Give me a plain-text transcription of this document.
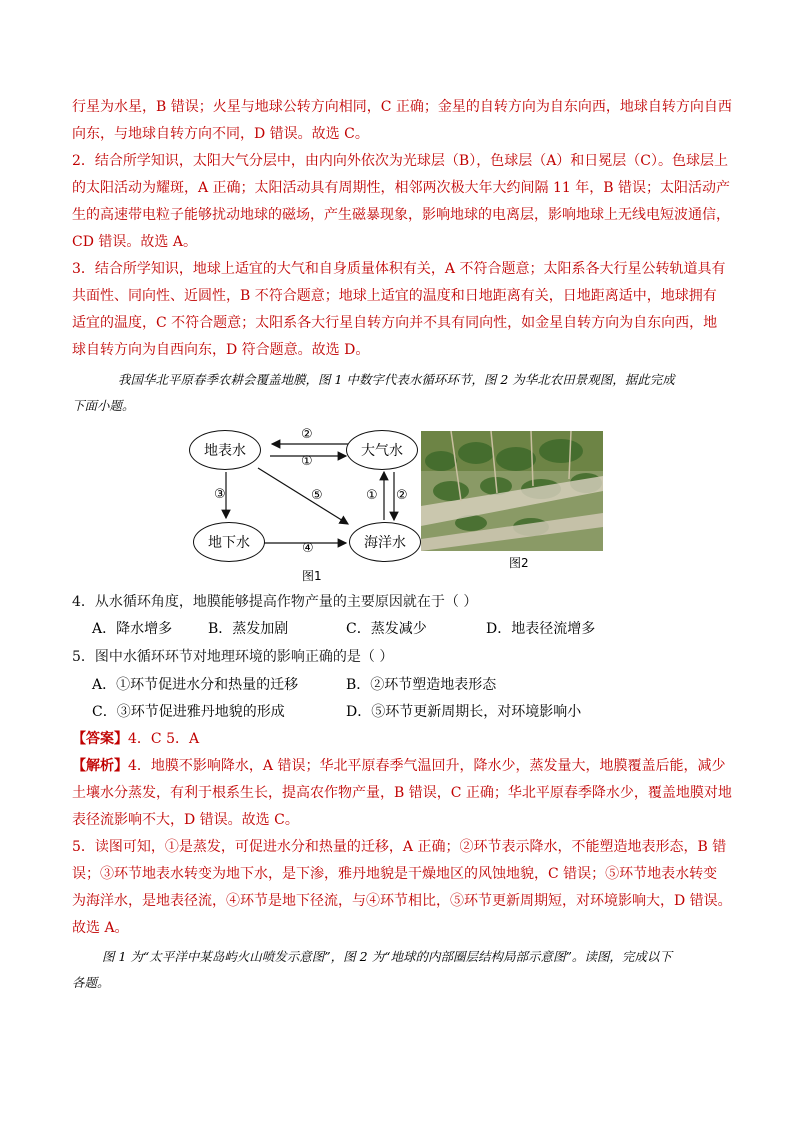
行星为水星，B 错误；火星与地球公转方向相同，C 正确；金星的自转方向为自东向西，地球自转方向自西
向东，与地球自转方向不同，D 错误。故选 C。
2．结合所学知识，太阳大气分层中，由内向外依次为光球层（B），色球层（A）和日冕层（C）。色球层上
的太阳活动为耀斑，A 正确；太阳活动具有周期性，相邻两次极大年大约间隔 11 年，B 错误；太阳活动产
生的高速带电粒子能够扰动地球的磁场，产生磁暴现象，影响地球的电离层，影响地球上无线电短波通信，
CD 错误。故选 A。
3．结合所学知识，地球上适宜的大气和自身质量体积有关，A 不符合题意；太阳系各大行星公转轨道具有
共面性、同向性、近圆性，B 不符合题意；地球上适宜的温度和日地距离有关，日地距离适中，地球拥有
适宜的温度，C 不符合题意；太阳系各大行星自转方向并不具有同向性，如金星自转方向为自东向西，地
球自转方向为自西向东，D 符合题意。故选 D。
我国华北平原春季农耕会覆盖地膜，图 1 中数字代表水循环环节，图 2 为华北农田景观图，据此完成
下面小题。
地表水	大气水
地下水	海洋水
②
①
③	⑤	① ②
④
图1
图2
4．从水循环角度，地膜能够提高作物产量的主要原因就在于（ ）
A．降水增多	B．蒸发加剧	C．蒸发减少	D．地表径流增多
5．图中水循环环节对地理环境的影响正确的是（ ）
A．①环节促进水分和热量的迁移	B．②环节塑造地表形态
C．③环节促进雅丹地貌的形成	D．⑤环节更新周期长，对环境影响小
【答案】4．C 5．A
【解析】4．地膜不影响降水，A 错误；华北平原春季气温回升，降水少，蒸发量大，地膜覆盖后能，减少
土壤水分蒸发，有利于根系生长，提高农作物产量，B 错误，C 正确；华北平原春季降水少，覆盖地膜对地
表径流影响不大，D 错误。故选 C。
5．读图可知，①是蒸发，可促进水分和热量的迁移，A 正确；②环节表示降水，不能塑造地表形态，B 错
误；③环节地表水转变为地下水，是下渗，雅丹地貌是干燥地区的风蚀地貌，C 错误；⑤环节地表水转变
为海洋水，是地表径流，④环节是地下径流，与④环节相比，⑤环节更新周期短，对环境影响大，D 错误。
故选 A。
图 1 为“太平洋中某岛屿火山喷发示意图”，图 2 为“地球的内部圈层结构局部示意图”。读图，完成以下
各题。
